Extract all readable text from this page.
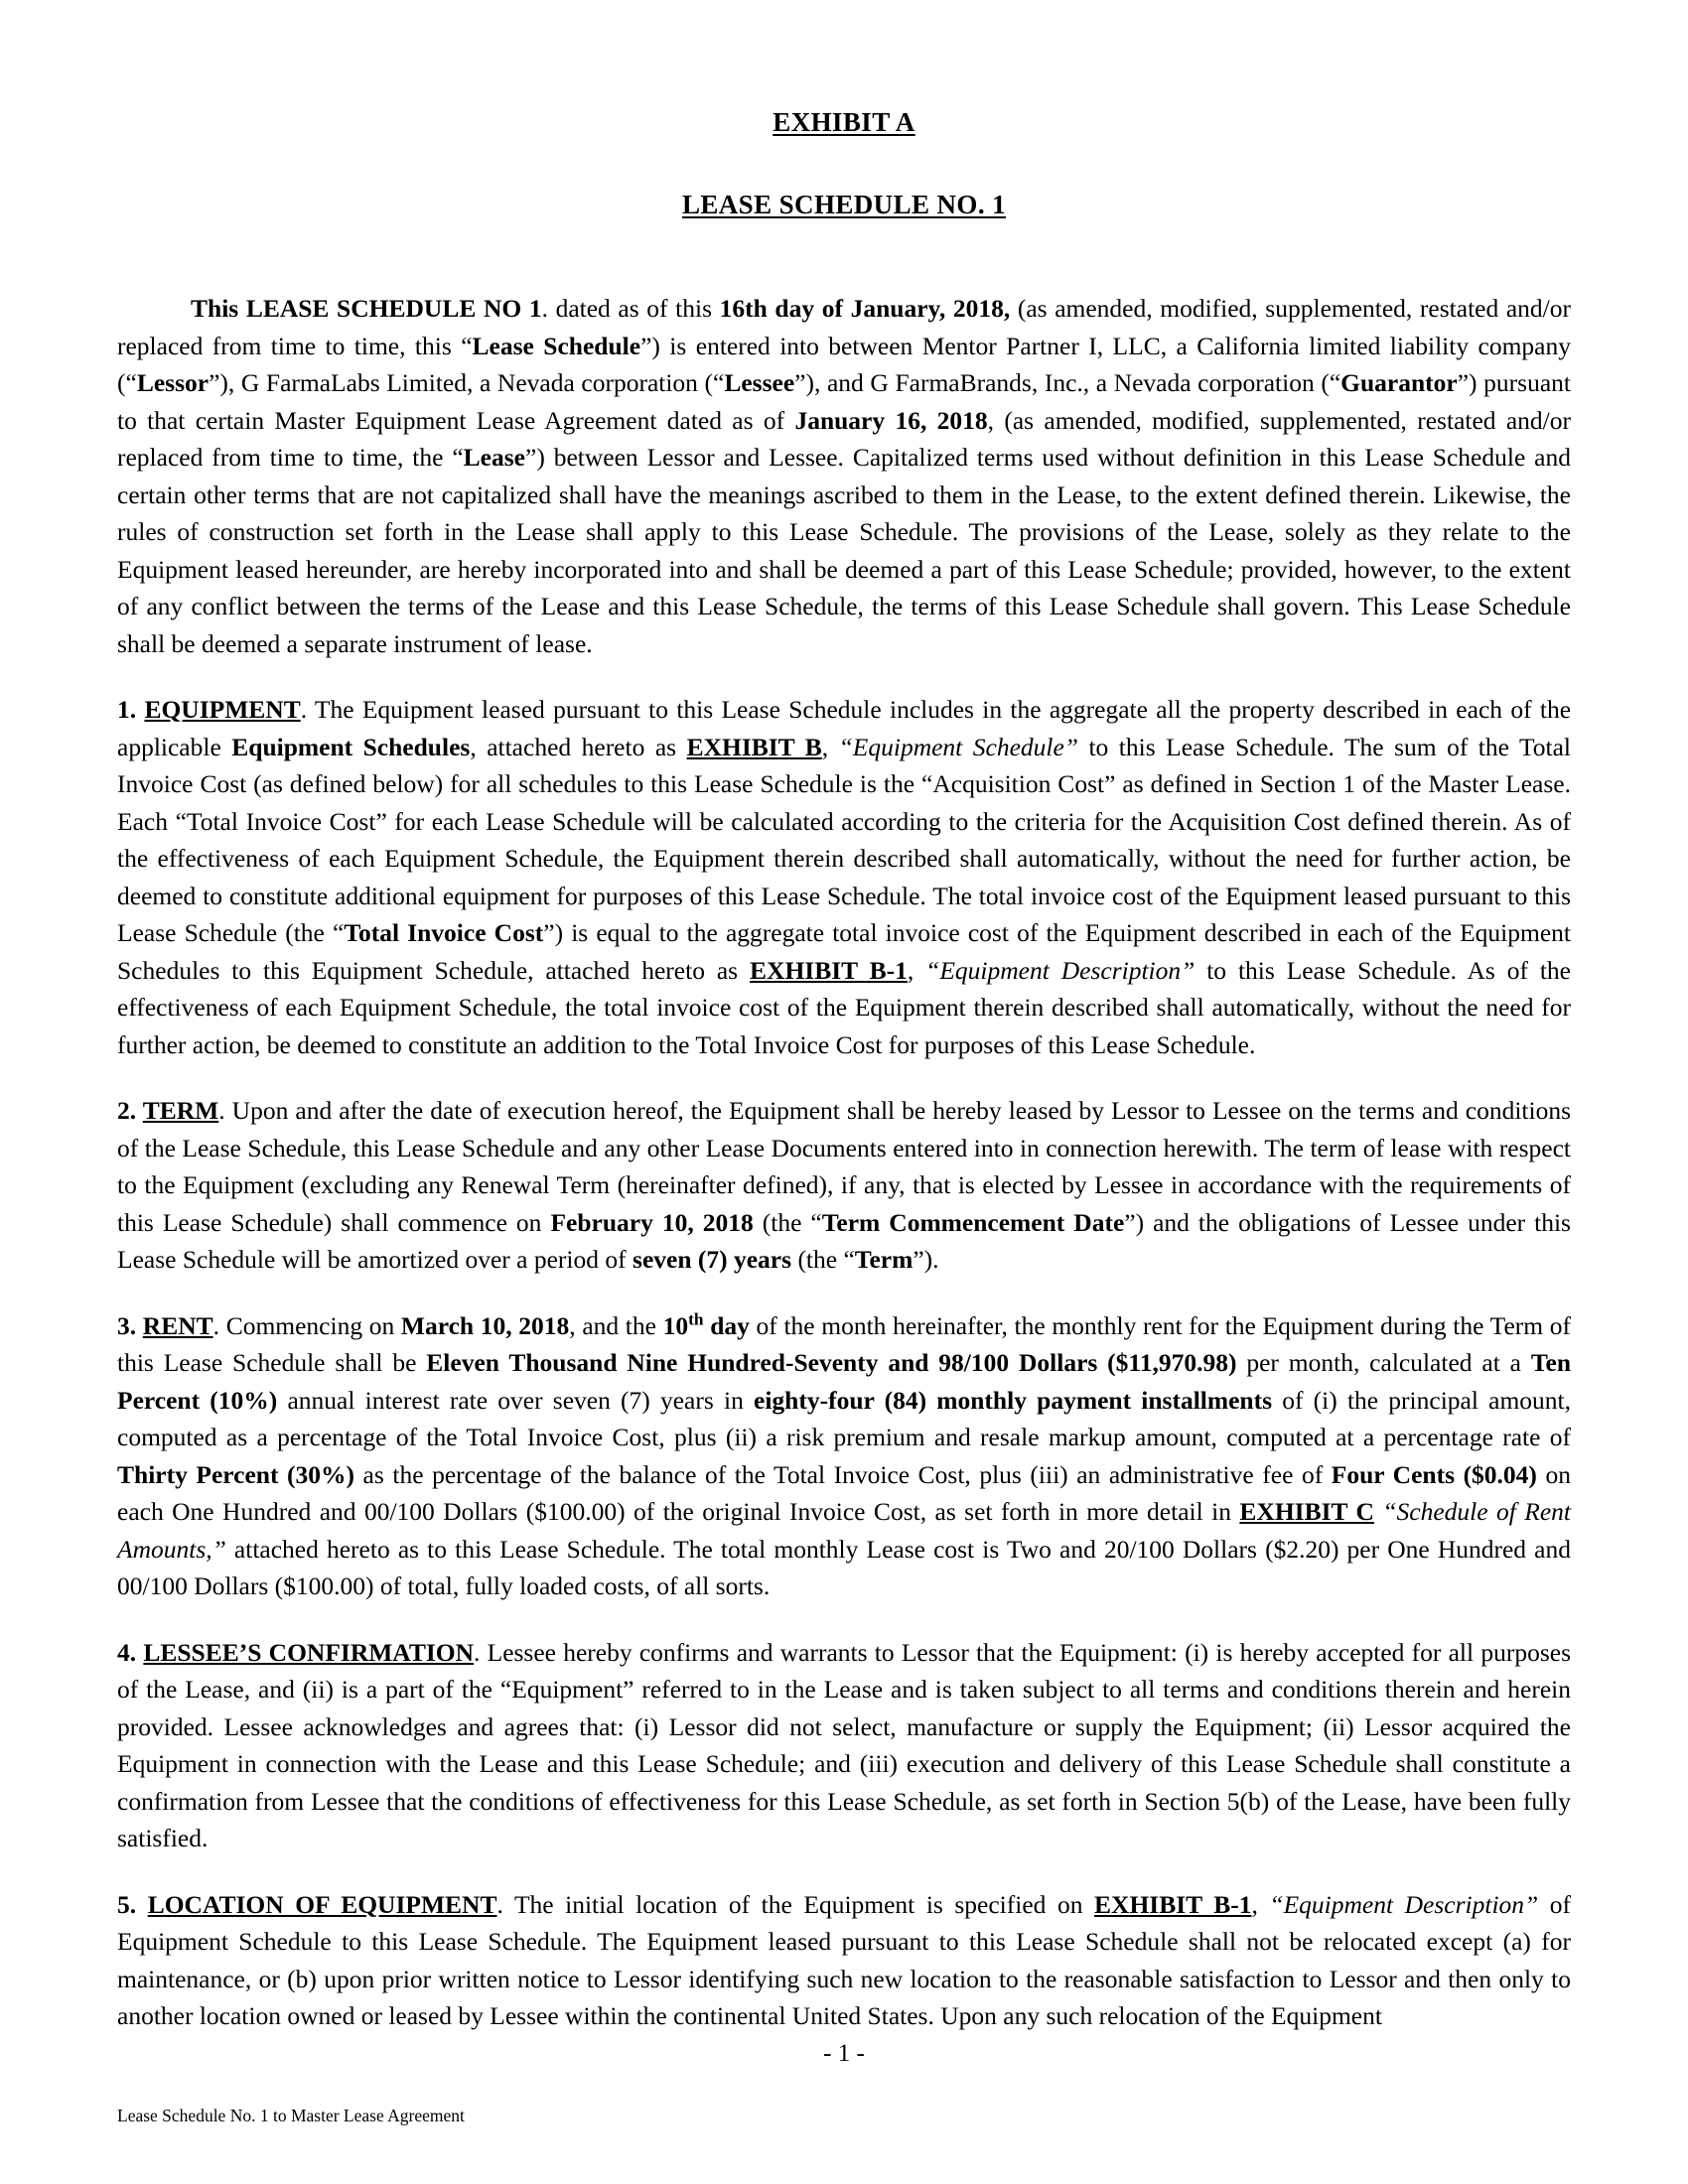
EXHIBIT A
LEASE SCHEDULE NO. 1

This LEASE SCHEDULE NO 1. dated as of this 16th day of January, 2018, (as amended, modified, supplemented, restated and/or replaced from time to time, this “Lease Schedule”) is entered into between Mentor Partner I, LLC, a California limited liability company (“Lessor”), G FarmaLabs Limited, a Nevada corporation (“Lessee”), and G FarmaBrands, Inc., a Nevada corporation (“Guarantor”) pursuant to that certain Master Equipment Lease Agreement dated as of January 16, 2018, (as amended, modified, supplemented, restated and/or replaced from time to time, the “Lease”) between Lessor and Lessee. Capitalized terms used without definition in this Lease Schedule and certain other terms that are not capitalized shall have the meanings ascribed to them in the Lease, to the extent defined therein. Likewise, the rules of construction set forth in the Lease shall apply to this Lease Schedule. The provisions of the Lease, solely as they relate to the Equipment leased hereunder, are hereby incorporated into and shall be deemed a part of this Lease Schedule; provided, however, to the extent of any conflict between the terms of the Lease and this Lease Schedule, the terms of this Lease Schedule shall govern. This Lease Schedule shall be deemed a separate instrument of lease.

1. EQUIPMENT. The Equipment leased pursuant to this Lease Schedule includes in the aggregate all the property described in each of the applicable Equipment Schedules, attached hereto as EXHIBIT B, “Equipment Schedule” to this Lease Schedule. The sum of the Total Invoice Cost (as defined below) for all schedules to this Lease Schedule is the “Acquisition Cost” as defined in Section 1 of the Master Lease. Each “Total Invoice Cost” for each Lease Schedule will be calculated according to the criteria for the Acquisition Cost defined therein. As of the effectiveness of each Equipment Schedule, the Equipment therein described shall automatically, without the need for further action, be deemed to constitute additional equipment for purposes of this Lease Schedule. The total invoice cost of the Equipment leased pursuant to this Lease Schedule (the “Total Invoice Cost”) is equal to the aggregate total invoice cost of the Equipment described in each of the Equipment Schedules to this Equipment Schedule, attached hereto as EXHIBIT B-1, “Equipment Description” to this Lease Schedule. As of the effectiveness of each Equipment Schedule, the total invoice cost of the Equipment therein described shall automatically, without the need for further action, be deemed to constitute an addition to the Total Invoice Cost for purposes of this Lease Schedule.

2. TERM. Upon and after the date of execution hereof, the Equipment shall be hereby leased by Lessor to Lessee on the terms and conditions of the Lease Schedule, this Lease Schedule and any other Lease Documents entered into in connection herewith. The term of lease with respect to the Equipment (excluding any Renewal Term (hereinafter defined), if any, that is elected by Lessee in accordance with the requirements of this Lease Schedule) shall commence on February 10, 2018 (the “Term Commencement Date”) and the obligations of Lessee under this Lease Schedule will be amortized over a period of seven (7) years (the “Term”).

3. RENT. Commencing on March 10, 2018, and the 10th day of the month hereinafter, the monthly rent for the Equipment during the Term of this Lease Schedule shall be Eleven Thousand Nine Hundred-Seventy and 98/100 Dollars ($11,970.98) per month, calculated at a Ten Percent (10%) annual interest rate over seven (7) years in eighty-four (84) monthly payment installments of (i) the principal amount, computed as a percentage of the Total Invoice Cost, plus (ii) a risk premium and resale markup amount, computed at a percentage rate of Thirty Percent (30%) as the percentage of the balance of the Total Invoice Cost, plus (iii) an administrative fee of Four Cents ($0.04) on each One Hundred and 00/100 Dollars ($100.00) of the original Invoice Cost, as set forth in more detail in EXHIBIT C “Schedule of Rent Amounts,” attached hereto as to this Lease Schedule. The total monthly Lease cost is Two and 20/100 Dollars ($2.20) per One Hundred and 00/100 Dollars ($100.00) of total, fully loaded costs, of all sorts.

4. LESSEE’S CONFIRMATION. Lessee hereby confirms and warrants to Lessor that the Equipment: (i) is hereby accepted for all purposes of the Lease, and (ii) is a part of the “Equipment” referred to in the Lease and is taken subject to all terms and conditions therein and herein provided. Lessee acknowledges and agrees that: (i) Lessor did not select, manufacture or supply the Equipment; (ii) Lessor acquired the Equipment in connection with the Lease and this Lease Schedule; and (iii) execution and delivery of this Lease Schedule shall constitute a confirmation from Lessee that the conditions of effectiveness for this Lease Schedule, as set forth in Section 5(b) of the Lease, have been fully satisfied.

5. LOCATION OF EQUIPMENT. The initial location of the Equipment is specified on EXHIBIT B-1, “Equipment Description” of Equipment Schedule to this Lease Schedule. The Equipment leased pursuant to this Lease Schedule shall not be relocated except (a) for maintenance, or (b) upon prior written notice to Lessor identifying such new location to the reasonable satisfaction to Lessor and then only to another location owned or leased by Lessee within the continental United States. Upon any such relocation of the Equipment

- 1 -
Lease Schedule No. 1 to Master Lease Agreement
